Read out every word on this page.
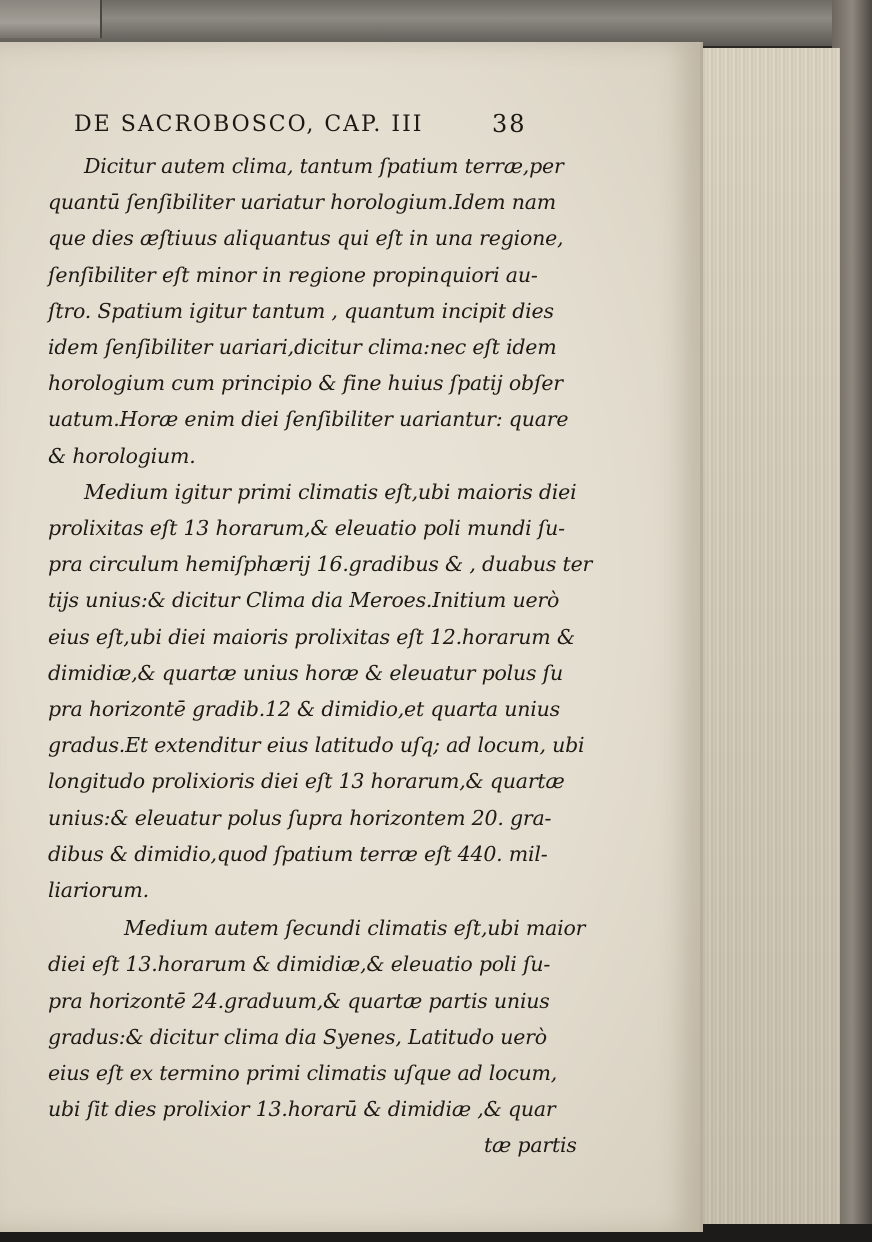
DE SACROBOSCO, CAP. III	38

Dicitur autem clima, tantum ſpatium terræ,per
quantū ſenſibiliter uariatur horologium.Idem nam
que dies æſtiuus aliquantus qui eſt in una regione,
ſenſibiliter eſt minor in regione propinquiori au-
ſtro. Spatium igitur tantum , quantum incipit dies
idem ſenſibiliter uariari,dicitur clima:nec eſt idem
horologium cum principio & fine huius ſpatij obſer
uatum.Horæ enim diei ſenſibiliter uariantur: quare
& horologium.

Medium igitur primi climatis eſt,ubi maioris diei
prolixitas eſt 13 horarum,& eleuatio poli mundi ſu-
pra circulum hemiſphærij 16.gradibus & , duabus ter
tijs unius:& dicitur Clima dia Meroes.Initium uerò
eius eſt,ubi diei maioris prolixitas eſt 12.horarum &
dimidiæ,& quartæ unius horæ & eleuatur polus ſu
pra horizontē gradib.12 & dimidio,et quarta unius
gradus.Et extenditur eius latitudo uſq; ad locum, ubi
longitudo prolixioris diei eſt 13 horarum,& quartæ
unius:& eleuatur polus ſupra horizontem 20. gra-
dibus & dimidio,quod ſpatium terræ eſt 440. mil-
liariorum.

Medium autem ſecundi climatis eſt,ubi maior
diei eſt 13.horarum & dimidiæ,& eleuatio poli ſu-
pra horizontē 24.graduum,& quartæ partis unius
gradus:& dicitur clima dia Syenes, Latitudo uerò
eius eſt ex termino primi climatis uſque ad locum,
ubi ſit dies prolixior 13.horarū & dimidiæ ,& quar
tæ partis
